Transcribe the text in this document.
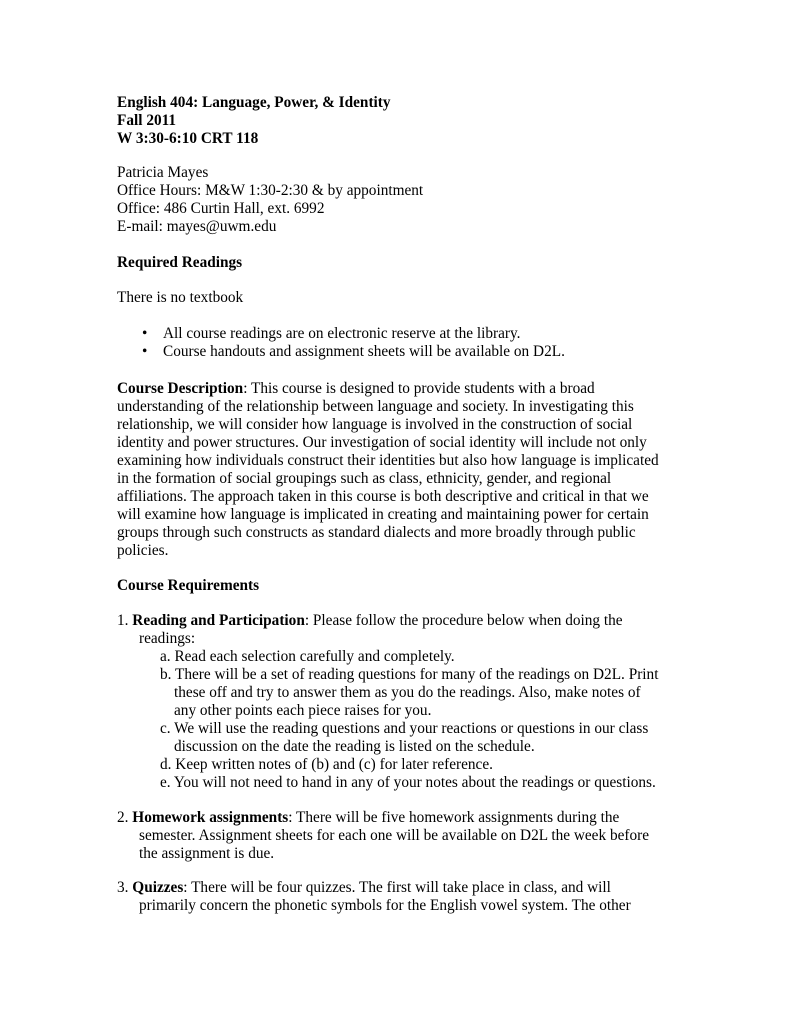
English 404: Language, Power, & Identity
Fall 2011
W 3:30-6:10 CRT 118
Patricia Mayes
Office Hours: M&W 1:30-2:30 & by appointment
Office: 486 Curtin Hall, ext. 6992
E-mail: mayes@uwm.edu
Required Readings
There is no textbook
• All course readings are on electronic reserve at the library.
• Course handouts and assignment sheets will be available on D2L.
Course Description: This course is designed to provide students with a broad
understanding of the relationship between language and society. In investigating this
relationship, we will consider how language is involved in the construction of social
identity and power structures. Our investigation of social identity will include not only
examining how individuals construct their identities but also how language is implicated
in the formation of social groupings such as class, ethnicity, gender, and regional
affiliations. The approach taken in this course is both descriptive and critical in that we
will examine how language is implicated in creating and maintaining power for certain
groups through such constructs as standard dialects and more broadly through public
policies.
Course Requirements
1. Reading and Participation: Please follow the procedure below when doing the
readings:
a. Read each selection carefully and completely.
b. There will be a set of reading questions for many of the readings on D2L. Print
these off and try to answer them as you do the readings. Also, make notes of
any other points each piece raises for you.
c. We will use the reading questions and your reactions or questions in our class
discussion on the date the reading is listed on the schedule.
d. Keep written notes of (b) and (c) for later reference.
e. You will not need to hand in any of your notes about the readings or questions.
2. Homework assignments: There will be five homework assignments during the
semester. Assignment sheets for each one will be available on D2L the week before
the assignment is due.
3. Quizzes: There will be four quizzes. The first will take place in class, and will
primarily concern the phonetic symbols for the English vowel system. The other
